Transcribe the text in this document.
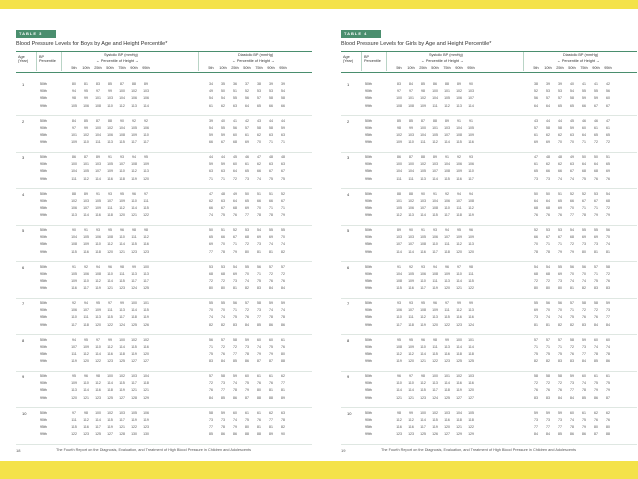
TABLE 3
Blood Pressure Levels for Boys by Age and Height Percentile*
Age (Year)
BP Percentile
Systolic BP (mmHg)	Diastolic BP (mmHg)
← Percentile of Height →	← Percentile of Height →
5th	5th
10th	10th
25th	25th
50th	50th
75th	75th
90th	90th
95th	95th
1	50th	80	81	83	85	87	88	89	34	35	36	37	38	39	39
90th	94	95	97	99	100	102	103	49	50	51	52	53	53	54
95th	98	99	101	103	104	106	106	54	54	55	56	57	58	58
99th	105	106	108	110	112	113	114	61	62	63	64	65	66	66
2	50th	84	85	87	88	90	92	92	39	40	41	42	43	44	44
90th	97	99	100	102	104	105	106	54	55	56	57	58	58	59
95th	101	102	104	106	108	109	110	59	59	60	61	62	63	63
99th	109	110	111	113	115	117	117	66	67	68	69	70	71	71
3	50th	86	87	89	91	93	94	95	44	44	45	46	47	48	48
90th	100	101	103	105	107	108	109	59	59	60	61	62	63	63
95th	104	105	107	109	110	112	113	63	63	64	65	66	67	67
99th	111	112	114	116	118	119	120	71	71	72	73	74	75	75
4	50th	88	89	91	93	95	96	97	47	48	49	50	51	51	52
90th	102	103	105	107	109	110	111	62	63	64	65	66	66	67
95th	106	107	109	111	112	114	115	66	67	68	69	70	71	71
99th	113	114	116	118	120	121	122	74	75	76	77	78	78	79
5	50th	90	91	93	95	96	98	98	50	51	52	53	54	55	55
90th	104	105	106	108	110	111	112	65	66	67	68	69	69	70
95th	108	109	110	112	114	115	116	69	70	71	72	73	74	74
99th	115	116	118	120	121	123	123	77	78	79	80	81	81	82
6	50th	91	92	94	96	98	99	100	53	53	54	55	56	57	57
90th	105	106	108	110	111	113	113	68	68	69	70	71	72	72
95th	109	110	112	114	115	117	117	72	72	73	74	75	76	76
99th	116	117	119	121	123	124	125	80	80	81	82	83	84	84
7	50th	92	94	95	97	99	100	101	55	55	56	57	58	59	59
90th	106	107	109	111	113	114	115	70	70	71	72	73	74	74
95th	110	111	113	115	117	118	119	74	74	75	76	77	78	78
99th	117	118	120	122	124	125	126	82	82	83	84	85	86	86
8	50th	94	95	97	99	100	102	102	56	57	58	59	60	60	61
90th	107	109	110	112	114	115	116	71	72	72	73	74	75	76
95th	111	112	114	116	118	119	120	75	76	77	78	79	79	80
99th	119	120	122	123	125	127	127	83	84	85	86	87	87	88
9	50th	95	96	98	100	102	103	104	57	58	59	60	61	61	62
90th	109	110	112	114	115	117	118	72	73	74	75	76	76	77
95th	113	114	116	118	119	121	121	76	77	78	79	80	81	81
99th	120	121	123	125	127	128	129	84	85	86	87	88	88	89
10	50th	97	98	100	102	103	105	106	58	59	60	61	61	62	63
90th	111	112	114	115	117	119	119	73	73	74	75	76	77	78
95th	115	116	117	119	121	122	123	77	78	79	80	81	81	82
99th	122	123	125	127	128	130	130	85	86	86	88	88	89	90
18	The Fourth Report on the Diagnosis, Evaluation, and Treatment of High Blood Pressure in Children and Adolescents
TABLE 4
Blood Pressure Levels for Girls by Age and Height Percentile*
Age (Year)
BP Percentile
Systolic BP (mmHg)	Diastolic BP (mmHg)
← Percentile of Height →	← Percentile of Height →
5th	5th
10th	10th
25th	25th
50th	50th
75th	75th
90th	90th
95th	95th
1	50th	83	84	85	86	88	89	90	38	39	39	40	41	41	42
90th	97	97	98	100	101	102	103	52	53	53	54	55	55	56
95th	100	101	102	104	105	106	107	56	57	57	58	59	59	60
99th	108	108	109	111	112	113	114	64	64	65	65	66	67	67
2	50th	85	85	87	88	89	91	91	43	44	44	45	46	46	47
90th	98	99	100	101	103	104	105	57	58	58	59	60	61	61
95th	102	103	104	105	107	108	109	61	62	62	63	64	65	65
99th	109	110	111	112	114	115	116	69	69	70	70	71	72	72
3	50th	86	87	88	89	91	92	93	47	48	48	49	50	50	51
90th	100	100	102	103	104	106	106	61	62	62	63	64	64	65
95th	104	104	105	107	108	109	110	65	66	66	67	68	68	69
99th	111	111	113	114	115	116	117	73	73	74	74	75	76	76
4	50th	88	88	90	91	92	94	94	50	50	51	52	52	53	54
90th	101	102	103	104	106	107	108	64	64	65	66	67	67	68
95th	105	106	107	108	110	111	112	68	68	69	70	71	71	72
99th	112	113	114	115	117	118	119	76	76	76	77	78	79	79
5	50th	89	90	91	93	94	95	96	52	53	53	54	55	55	56
90th	103	103	105	106	107	109	109	66	67	67	68	69	69	70
95th	107	107	108	110	111	112	113	70	71	71	72	73	73	74
99th	114	114	116	117	118	120	120	78	78	79	79	80	81	81
6	50th	91	92	93	94	96	97	98	54	54	55	56	56	57	58
90th	104	105	106	108	109	110	111	68	68	69	70	70	71	72
95th	108	109	110	111	113	114	115	72	72	73	74	74	75	76
99th	115	116	117	119	120	121	122	80	80	80	81	82	83	83
7	50th	93	93	95	96	97	99	99	55	56	56	57	58	58	59
90th	106	107	108	109	111	112	113	69	70	70	71	72	72	73
95th	110	111	112	113	115	116	116	73	74	74	75	76	76	77
99th	117	118	119	120	122	123	124	81	81	82	82	83	84	84
8	50th	95	95	96	98	99	100	101	57	57	57	58	59	60	60
90th	108	109	110	111	113	114	114	71	71	71	72	73	74	74
95th	112	112	114	115	116	118	118	75	75	75	76	77	78	78
99th	119	120	121	122	123	125	125	82	82	83	83	84	85	86
9	50th	96	97	98	100	101	102	103	58	58	58	59	60	61	61
90th	110	110	112	113	114	116	116	72	72	72	73	74	75	75
95th	114	114	115	117	118	119	120	76	76	76	77	78	79	79
99th	121	121	123	124	125	127	127	83	83	84	84	85	86	87
10	50th	98	99	100	102	103	104	105	59	59	59	60	61	62	62
90th	112	112	114	115	116	118	118	73	73	73	74	75	76	76
95th	116	116	117	119	120	121	122	77	77	77	78	79	80	80
99th	123	123	125	126	127	129	129	84	84	85	86	86	87	88
19	The Fourth Report on the Diagnosis, Evaluation, and Treatment of High Blood Pressure in Children and Adolescents
